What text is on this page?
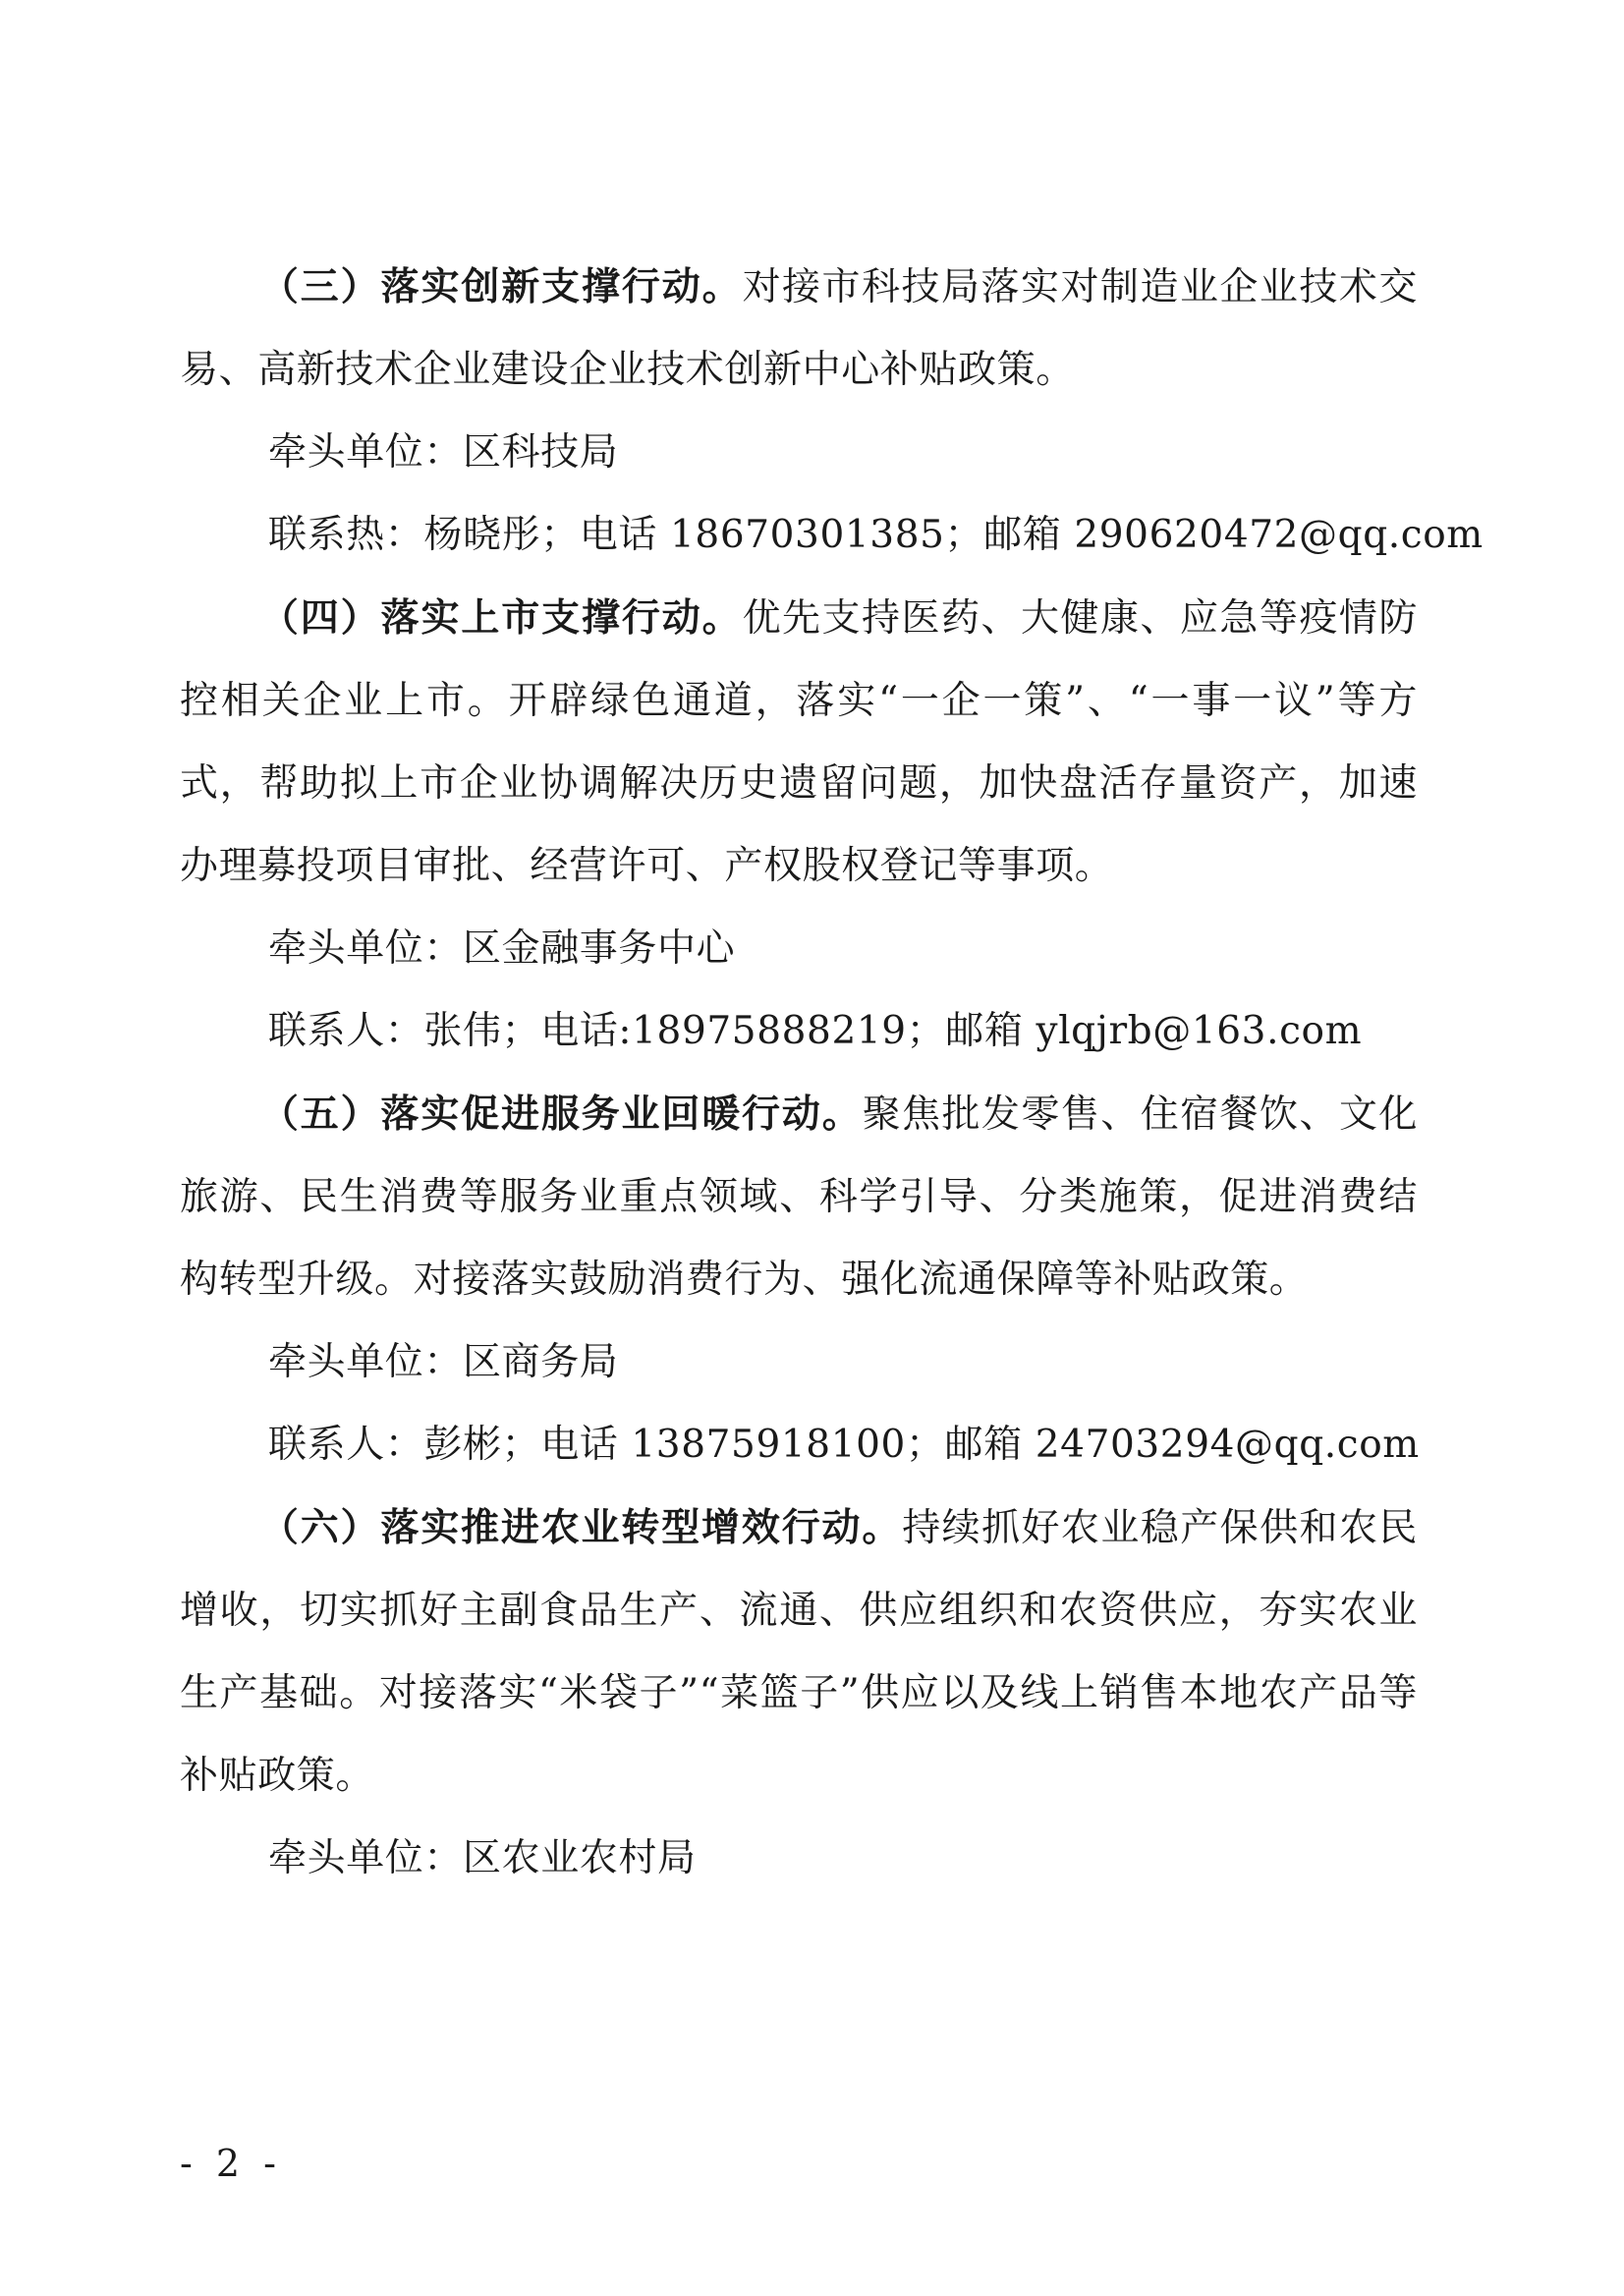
（三）落实创新支撑行动。对接市科技局落实对制造业企业技术交易、高新技术企业建设企业技术创新中心补贴政策。

牵头单位：区科技局

联系热：杨晓彤；电话 18670301385；邮箱 290620472@qq.com

（四）落实上市支撑行动。优先支持医药、大健康、应急等疫情防控相关企业上市。开辟绿色通道，落实“一企一策”、“一事一议”等方式，帮助拟上市企业协调解决历史遗留问题，加快盘活存量资产，加速办理募投项目审批、经营许可、产权股权登记等事项。

牵头单位：区金融事务中心

联系人：张伟；电话:18975888219；邮箱 ylqjrb@163.com

（五）落实促进服务业回暖行动。聚焦批发零售、住宿餐饮、文化旅游、民生消费等服务业重点领域、科学引导、分类施策，促进消费结构转型升级。对接落实鼓励消费行为、强化流通保障等补贴政策。

牵头单位：区商务局

联系人：彭彬；电话 13875918100；邮箱 24703294@qq.com

（六）落实推进农业转型增效行动。持续抓好农业稳产保供和农民增收，切实抓好主副食品生产、流通、供应组织和农资供应，夯实农业生产基础。对接落实“米袋子”“菜篮子”供应以及线上销售本地农产品等补贴政策。

牵头单位：区农业农村局

- 2 -
